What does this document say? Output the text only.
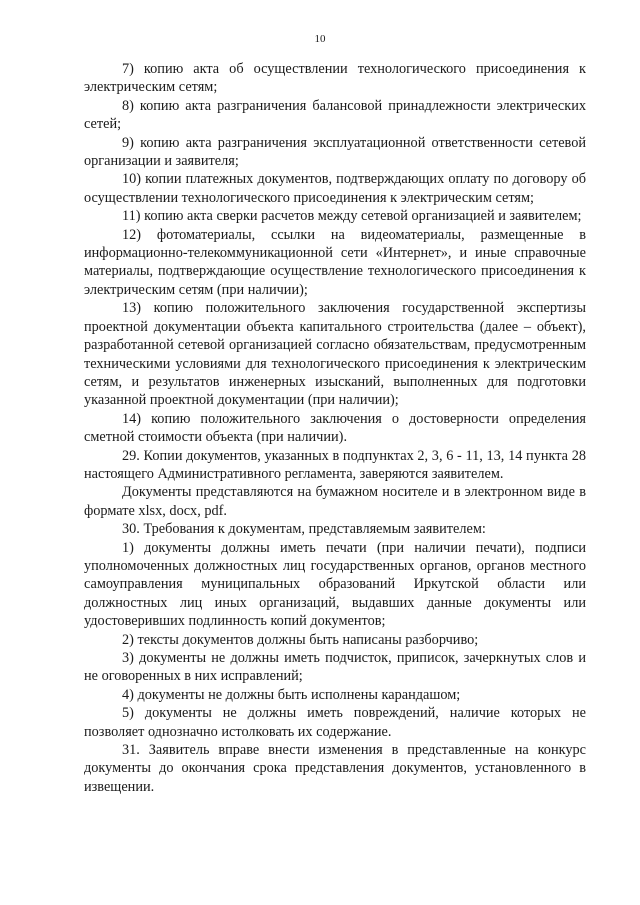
10

7) копию акта об осуществлении технологического присоединения к электрическим сетям;

8) копию акта разграничения балансовой принадлежности электрических сетей;

9) копию акта разграничения эксплуатационной ответственности сетевой организации и заявителя;

10) копии платежных документов, подтверждающих оплату по договору об осуществлении технологического присоединения к электрическим сетям;

11) копию акта сверки расчетов между сетевой организацией и заявителем;

12) фотоматериалы, ссылки на видеоматериалы, размещенные в информационно-телекоммуникационной сети «Интернет», и иные справочные материалы, подтверждающие осуществление технологического присоединения к электрическим сетям (при наличии);

13) копию положительного заключения государственной экспертизы проектной документации объекта капитального строительства (далее – объект), разработанной сетевой организацией согласно обязательствам, предусмотренным техническими условиями для технологического присоединения к электрическим сетям, и результатов инженерных изысканий, выполненных для подготовки указанной проектной документации (при наличии);

14) копию положительного заключения о достоверности определения сметной стоимости объекта (при наличии).

29. Копии документов, указанных в подпунктах 2, 3, 6 - 11, 13, 14 пункта 28 настоящего Административного регламента, заверяются заявителем.

Документы представляются на бумажном носителе и в электронном виде в формате xlsx, docx, pdf.

30. Требования к документам, представляемым заявителем:

1) документы должны иметь печати (при наличии печати), подписи уполномоченных должностных лиц государственных органов, органов местного самоуправления муниципальных образований Иркутской области или должностных лиц иных организаций, выдавших данные документы или удостоверивших подлинность копий документов;

2) тексты документов должны быть написаны разборчиво;

3) документы не должны иметь подчисток, приписок, зачеркнутых слов и не оговоренных в них исправлений;

4) документы не должны быть исполнены карандашом;

5) документы не должны иметь повреждений, наличие которых не позволяет однозначно истолковать их содержание.

31. Заявитель вправе внести изменения в представленные на конкурс документы до окончания срока представления документов, установленного в извещении.
